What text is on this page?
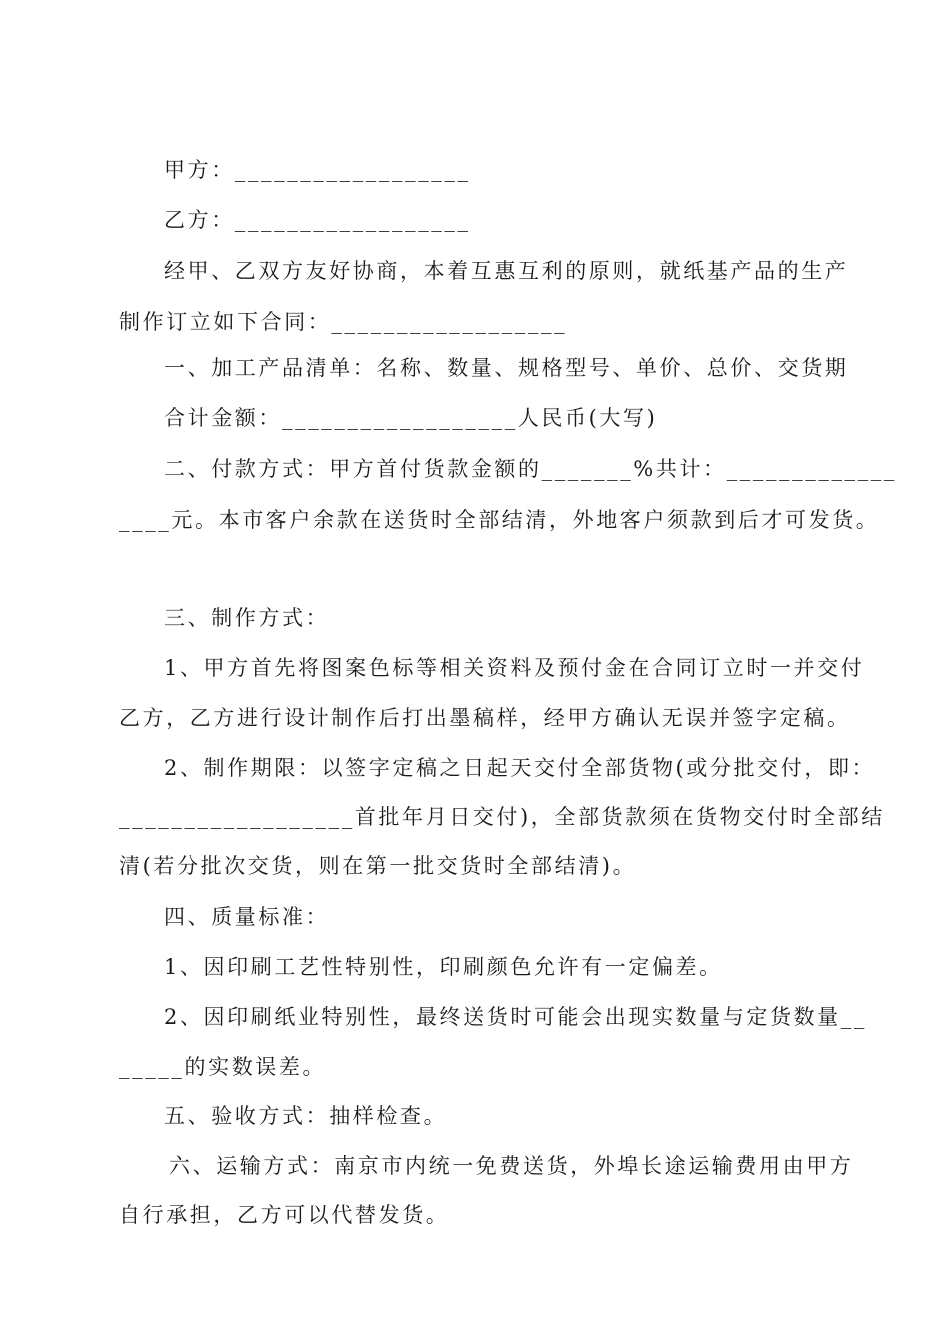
甲方：__________________
乙方：__________________
经甲、乙双方友好协商，本着互惠互利的原则，就纸基产品的生产
制作订立如下合同：__________________
一、加工产品清单：名称、数量、规格型号、单价、总价、交货期
合计金额：__________________人民币(大写)
二、付款方式：甲方首付货款金额的_______%共计：_____________
____元。本市客户余款在送货时全部结清，外地客户须款到后才可发货。
三、制作方式：
1、甲方首先将图案色标等相关资料及预付金在合同订立时一并交付
乙方，乙方进行设计制作后打出墨稿样，经甲方确认无误并签字定稿。
2、制作期限：以签字定稿之日起天交付全部货物(或分批交付，即：
__________________首批年月日交付)，全部货款须在货物交付时全部结
清(若分批次交货，则在第一批交货时全部结清)。
四、质量标准：
1、因印刷工艺性特别性，印刷颜色允许有一定偏差。
2、因印刷纸业特别性，最终送货时可能会出现实数量与定货数量__
_____的实数误差。
五、验收方式：抽样检查。
六、运输方式：南京市内统一免费送货，外埠长途运输费用由甲方
自行承担，乙方可以代替发货。
